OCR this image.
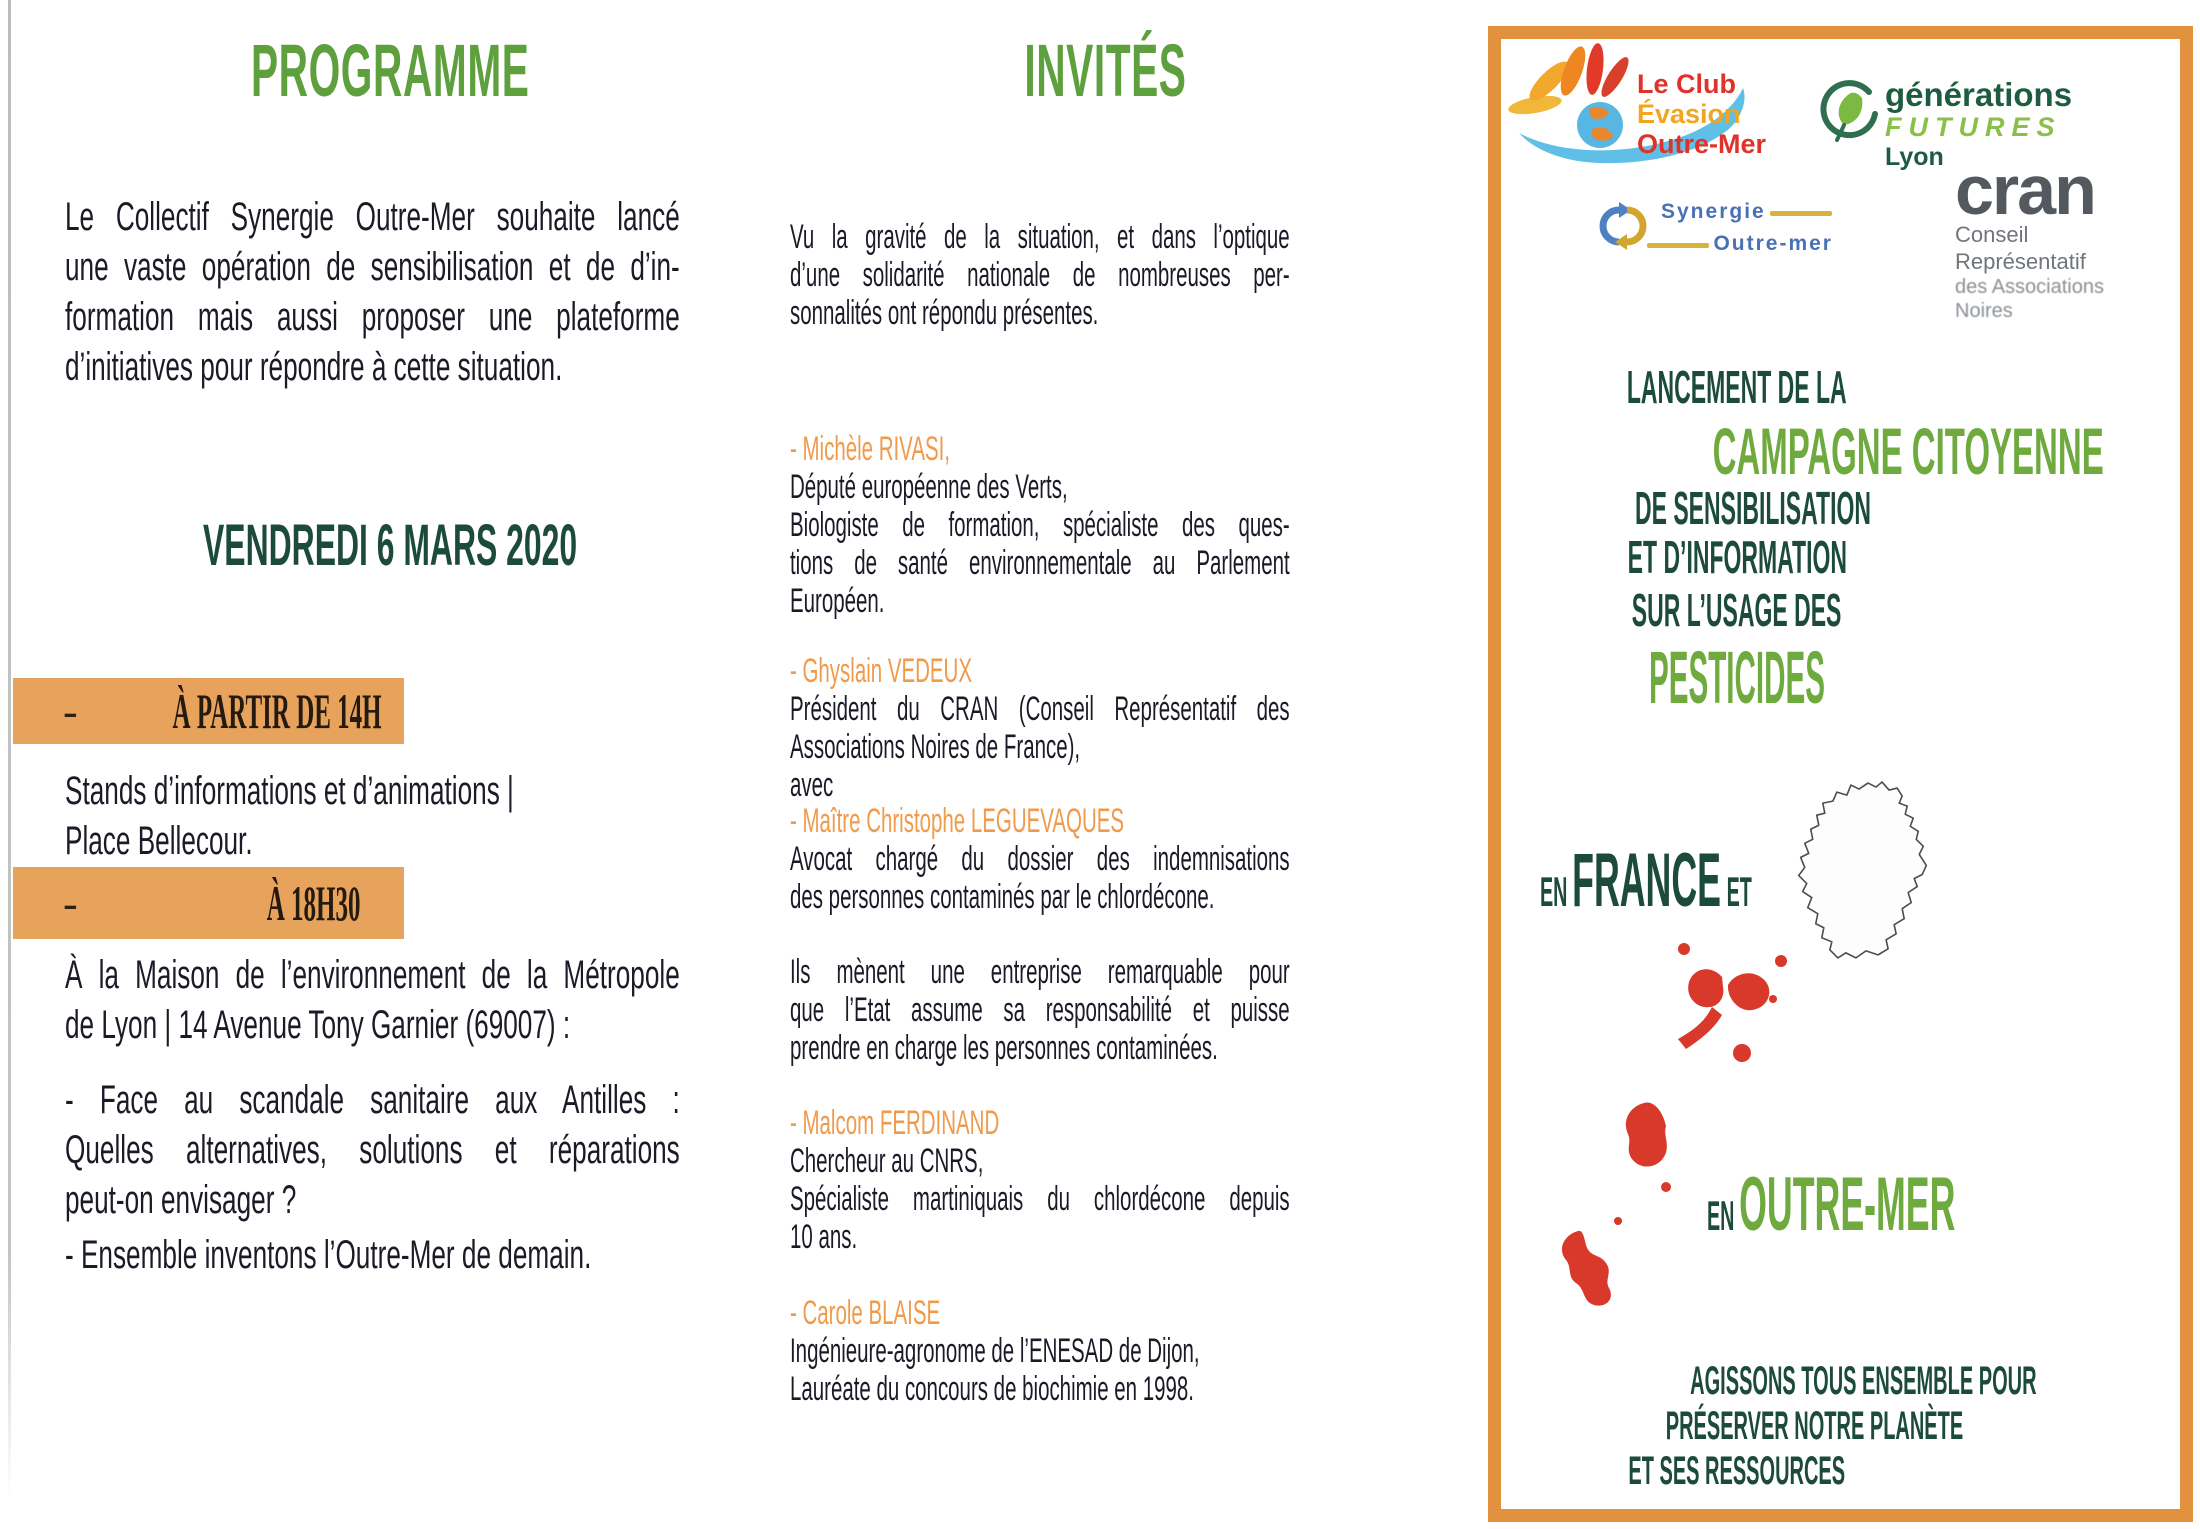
PROGRAMME
Le Collectif Synergie Outre-Mer souhaite lancé
une vaste opération de sensibilisation et de d’in-
formation mais aussi proposer une plateforme
d’initiatives pour répondre à cette situation.
VENDREDI 6 MARS 2020
-	À PARTIR DE 14H
Stands d’informations et d’animations |
Place Bellecour.
-	À 18H30
À la Maison de l’environnement de la Métropole
de Lyon | 14 Avenue Tony Garnier (69007) :
- Face au scandale sanitaire aux Antilles :
Quelles alternatives, solutions et réparations
peut-on envisager ?
- Ensemble inventons l’Outre-Mer de demain.
INVITÉS
Vu la gravité de la situation, et dans l’optique
d’une solidarité nationale de nombreuses per-
sonnalités ont répondu présentes.
- Michèle RIVASI,
Député européenne des Verts,
Biologiste de formation, spécialiste des ques-
tions de santé environnementale au Parlement
Européen.
- Ghyslain VEDEUX
Président du CRAN (Conseil Représentatif des
Associations Noires de France),
avec
- Maître Christophe LEGUEVAQUES
Avocat chargé du dossier des indemnisations
des personnes contaminés par le chlordécone.
Ils mènent une entreprise remarquable pour
que l’Etat assume sa responsabilité et puisse
prendre en charge les personnes contaminées.
- Malcom FERDINAND
Chercheur au CNRS,
Spécialiste martiniquais du chlordécone depuis
10 ans.
- Carole BLAISE
Ingénieure-agronome de l’ENESAD de Dijon,
Lauréate du concours de biochimie en 1998.
Le Club
Évasion
Outre-Mer
générations
FUTURES
Lyon
Synergie
Outre-mer
cran
Conseil Représentatif
des Associations Noires
LANCEMENT DE LA
CAMPAGNE CITOYENNE
DE SENSIBILISATION
ET D’INFORMATION
SUR L’USAGE DES
PESTICIDES
EN FRANCE ET
EN OUTRE-MER
AGISSONS TOUS ENSEMBLE POUR
PRÉSERVER NOTRE PLANÈTE
ET SES RESSOURCES
